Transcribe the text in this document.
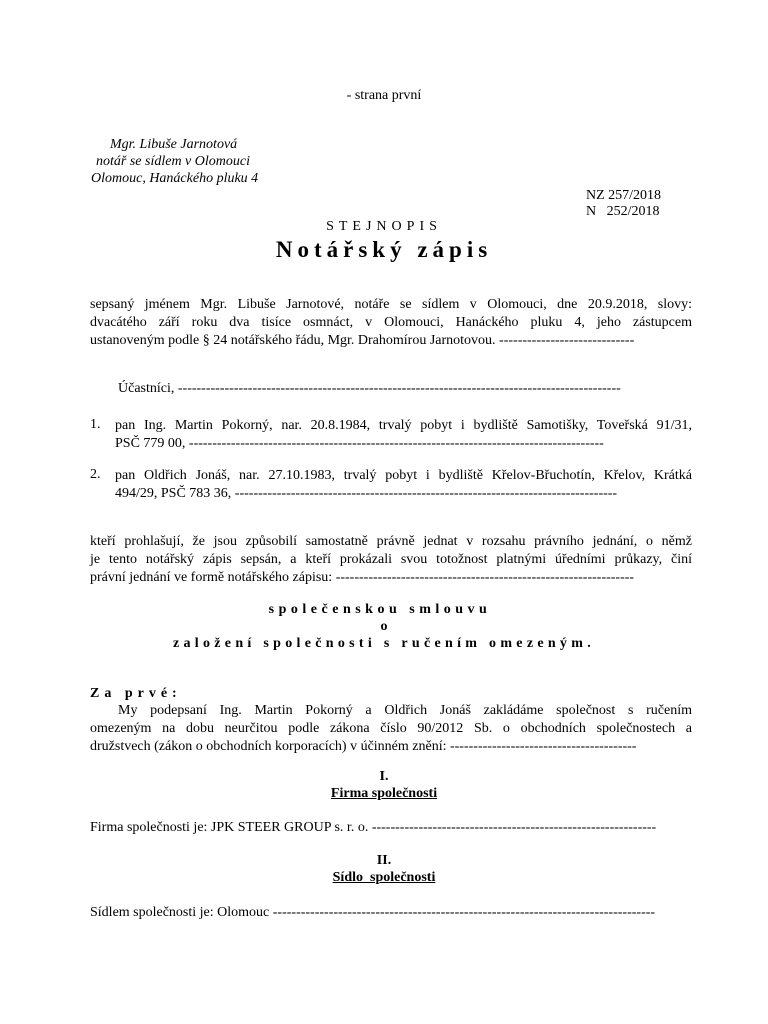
- strana první
Mgr. Libuše Jarnotová
notář se sídlem v Olomouci
Olomouc, Hanáckého pluku 4
NZ 257/2018
N   252/2018
STEJNOPIS
Notářský zápis
sepsaný jménem Mgr. Libuše Jarnotové, notáře se sídlem v Olomouci, dne 20.9.2018, slovy:
dvacátého září roku dva tisíce osmnáct, v Olomouci, Hanáckého pluku 4, jeho zástupcem
ustanoveným podle § 24 notářského řádu, Mgr. Drahomírou Jarnotovou. -----------------------------
Účastníci, -----------------------------------------------------------------------------------------------
1. pan Ing. Martin Pokorný, nar. 20.8.1984, trvalý pobyt i bydliště Samotišky, Toveřská 91/31,
PSČ 779 00, -----------------------------------------------------------------------------------------
2. pan Oldřich Jonáš, nar. 27.10.1983, trvalý pobyt i bydliště Křelov-Břuchotín, Křelov, Krátká
494/29, PSČ 783 36, ----------------------------------------------------------------------------------
kteří prohlašují, že jsou způsobilí samostatně právně jednat v rozsahu právního jednání, o němž
je tento notářský zápis sepsán, a kteří prokázali svou totožnost platnými úředními průkazy, činí
právní jednání ve formě notářského zápisu: ----------------------------------------------------------------
společenskou smlouvu
o
založení společnosti s ručením omezeným.
Za prvé:
My podepsaní Ing. Martin Pokorný a Oldřich Jonáš zakládáme společnost s ručením
omezeným na dobu neurčitou podle zákona číslo 90/2012 Sb. o obchodních společnostech a
družstvech (zákon o obchodních korporacích) v účinném znění: ----------------------------------------
I.
Firma společnosti
Firma společnosti je: JPK STEER GROUP s. r. o. -------------------------------------------------------------
II.
Sídlo  společnosti
Sídlem společnosti je: Olomouc ----------------------------------------------------------------------------------
